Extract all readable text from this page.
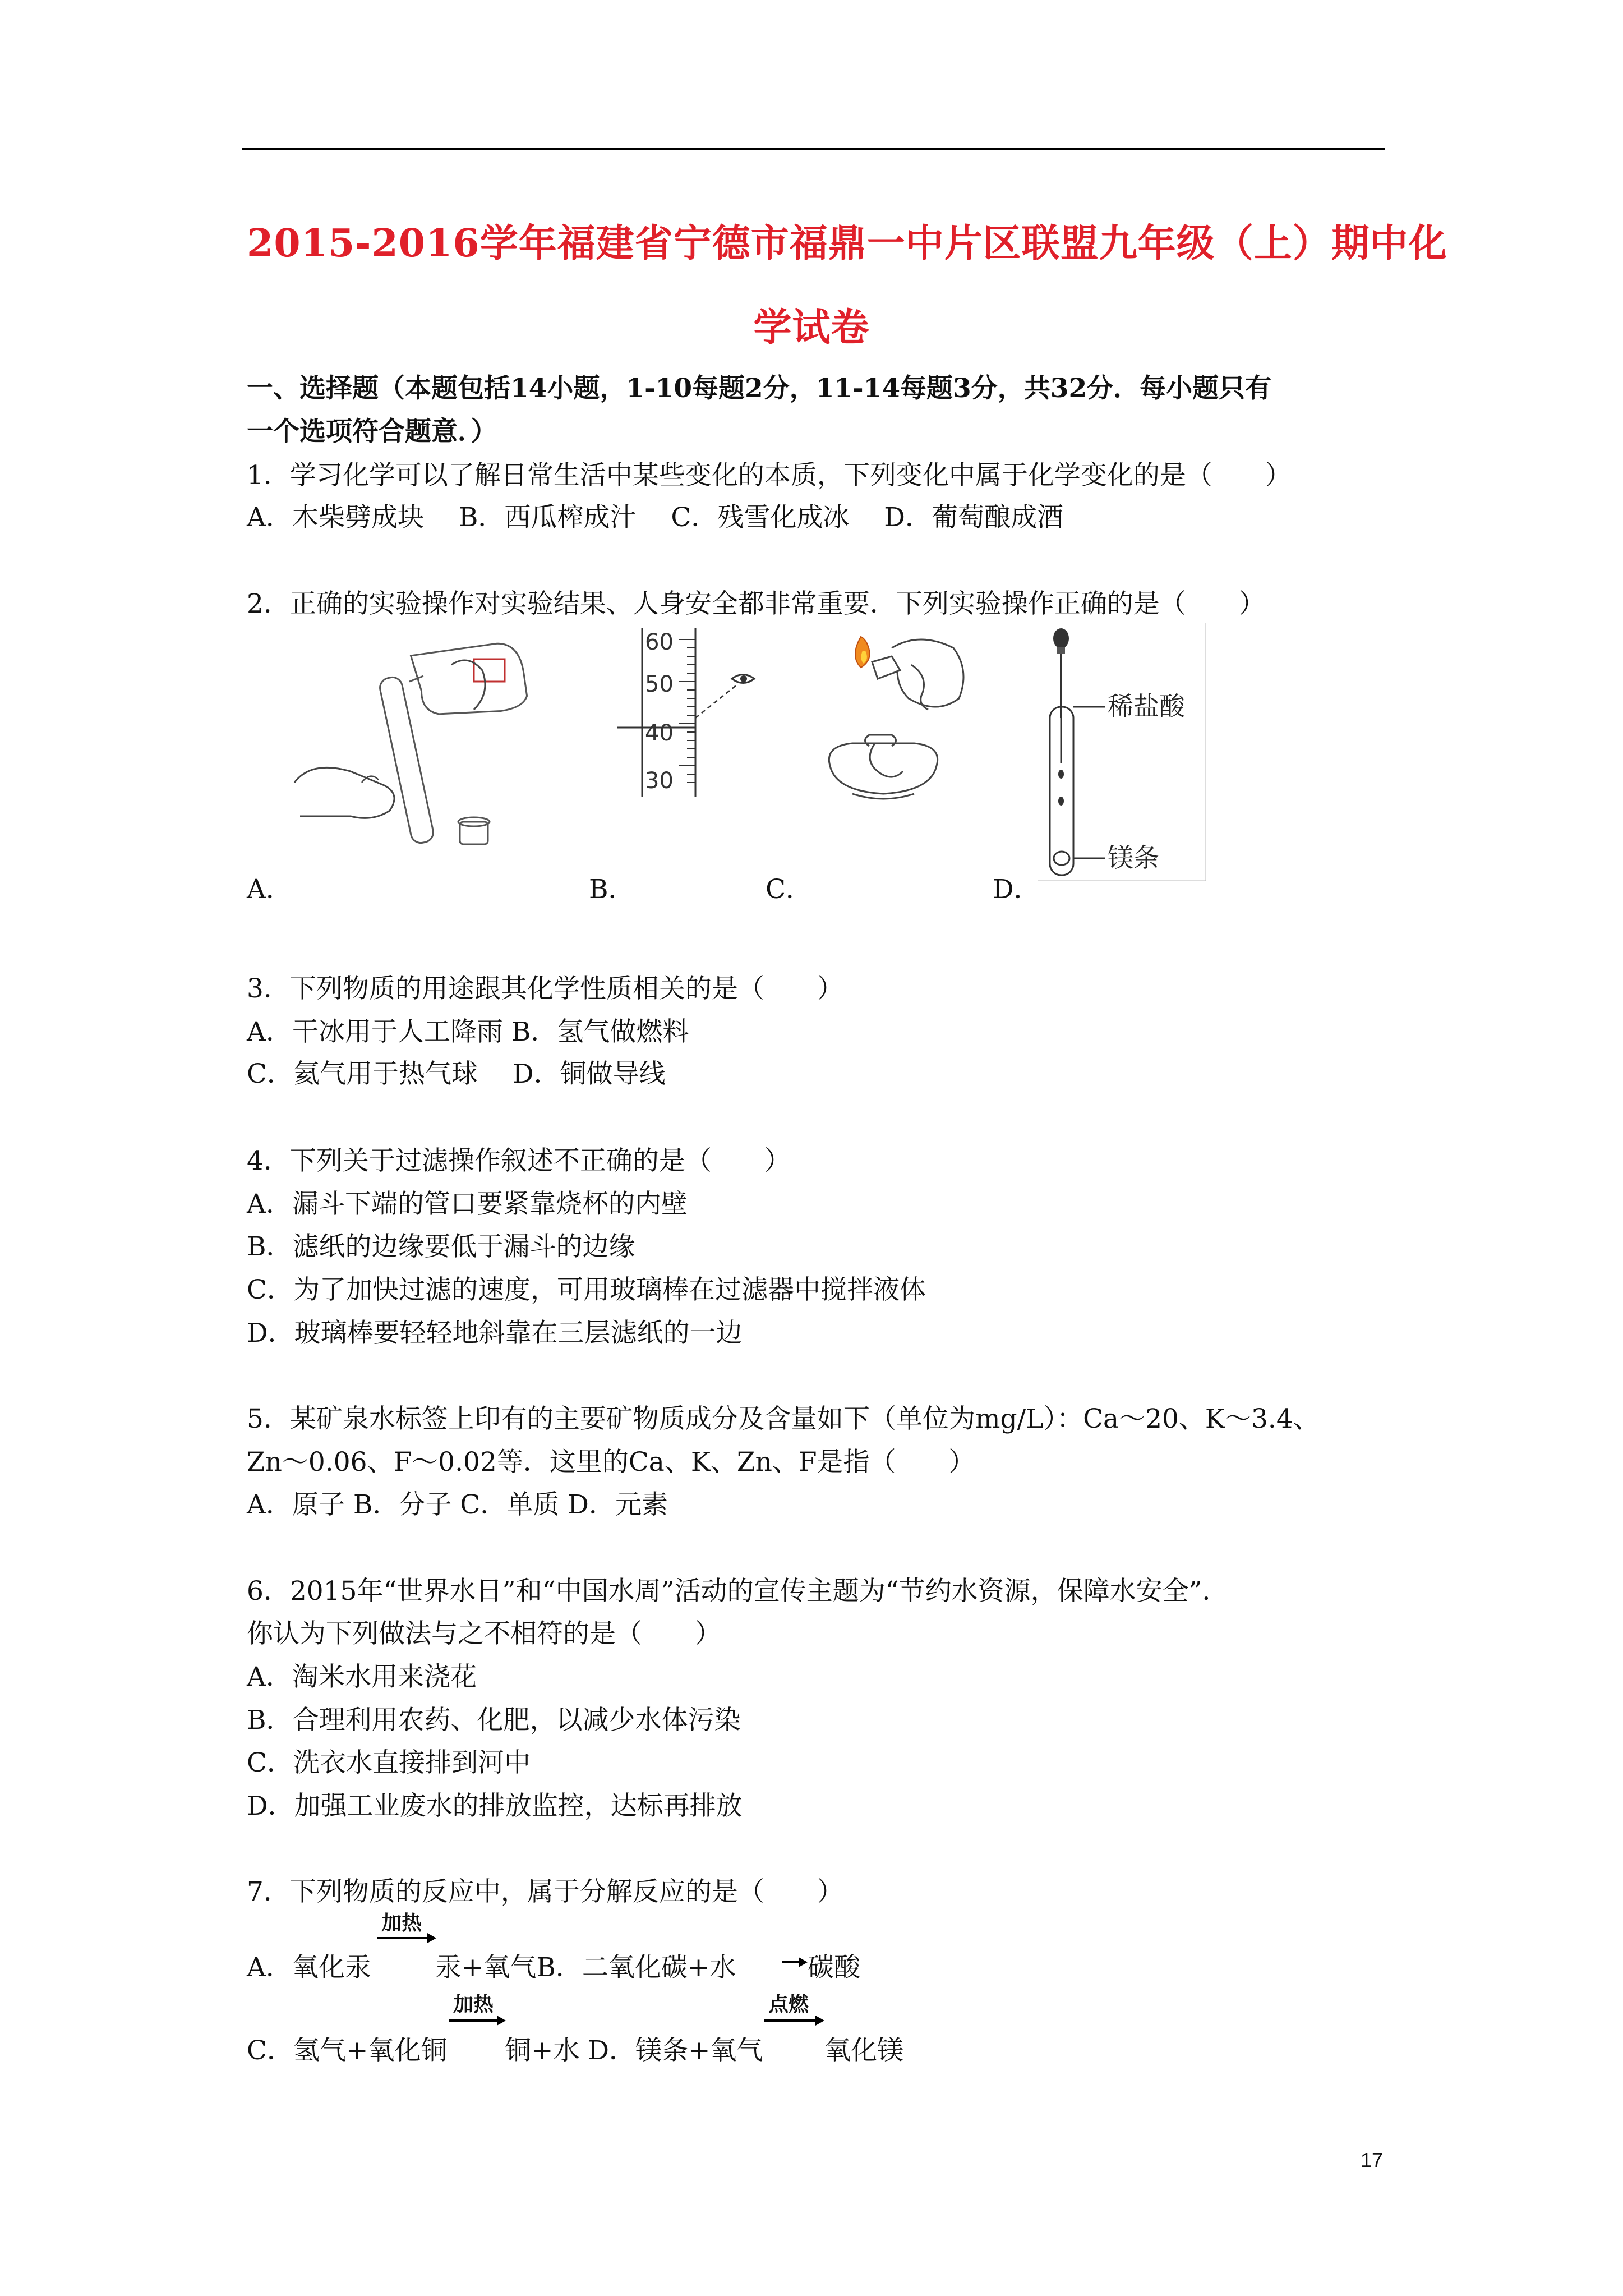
2015-2016学年福建省宁德市福鼎一中片区联盟九年级（上）期中化
学试卷
一、选择题（本题包括14小题，1-10每题2分，11-14每题3分，共32分．每小题只有
一个选项符合题意．）
1．学习化学可以了解日常生活中某些变化的本质，下列变化中属于化学变化的是（　　）
A．木柴劈成块　 B．西瓜榨成汁　 C．残雪化成冰　 D．葡萄酿成酒
2．正确的实验操作对实验结果、人身安全都非常重要．下列实验操作正确的是（　　）
60
50
40
30
稀盐酸
镁条
A．	B．	C．	D．
3．下列物质的用途跟其化学性质相关的是（　　）
A．干冰用于人工降雨 B．氢气做燃料
C．氦气用于热气球　 D．铜做导线
4．下列关于过滤操作叙述不正确的是（　　）
A．漏斗下端的管口要紧靠烧杯的内壁
B．滤纸的边缘要低于漏斗的边缘
C．为了加快过滤的速度，可用玻璃棒在过滤器中搅拌液体
D．玻璃棒要轻轻地斜靠在三层滤纸的一边
5．某矿泉水标签上印有的主要矿物质成分及含量如下（单位为mg/L）：Ca～20、K～3.4、
Zn～0.06、F～0.02等．这里的Ca、K、Zn、F是指（　　）
A．原子 B．分子 C．单质 D．元素
6．2015年“世界水日”和“中国水周”活动的宣传主题为“节约水资源，保障水安全”．
你认为下列做法与之不相符的是（　　）
A．淘米水用来浇花
B．合理利用农药、化肥，以减少水体污染
C．洗衣水直接排到河中
D．加强工业废水的排放监控，达标再排放
7．下列物质的反应中，属于分解反应的是（　　）
A．氧化汞
加热
汞+氧气B．二氧化碳+水	碳酸
C．氢气+氧化铜
加热
铜+水 D．镁条+氧气
点燃
氧化镁
17
